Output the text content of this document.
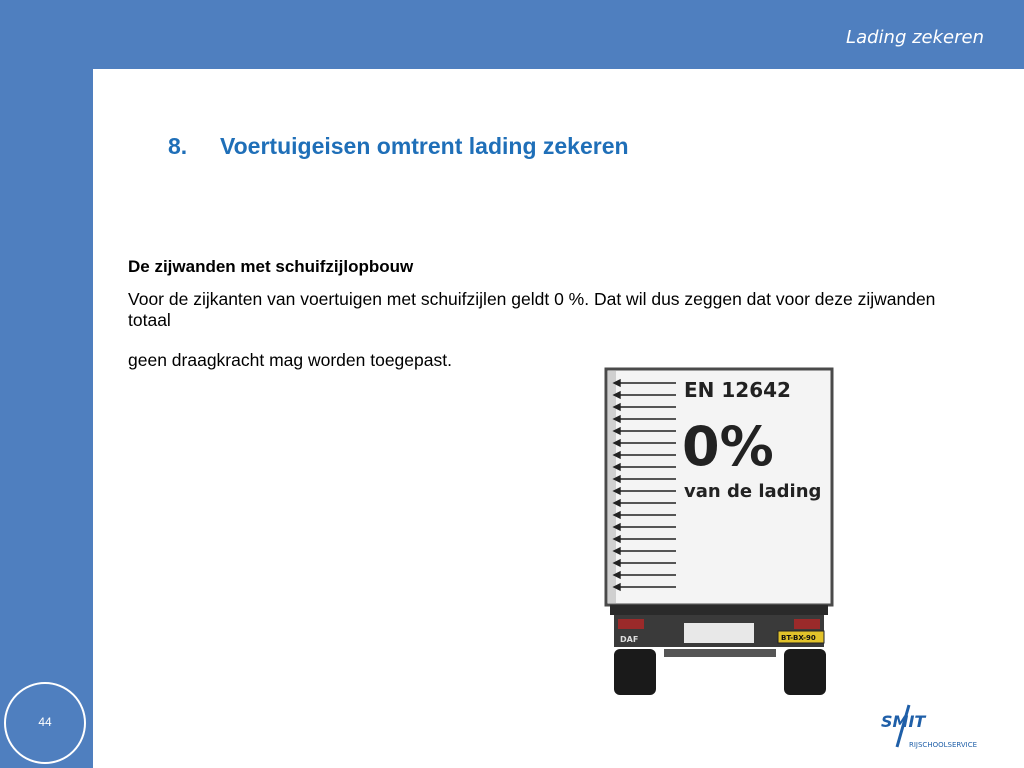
Lading zekeren
8. Voertuigeisen omtrent lading zekeren
De zijwanden met schuifzijlopbouw
Voor de zijkanten van voertuigen met schuifzijlen geldt 0 %. Dat wil dus zeggen dat voor deze zijwanden totaal
geen draagkracht mag worden toegepast.
EN 12642
0%
van de lading
DAF	BT-BX-90
SMIT
RIJSCHOOLSERVICE
44
